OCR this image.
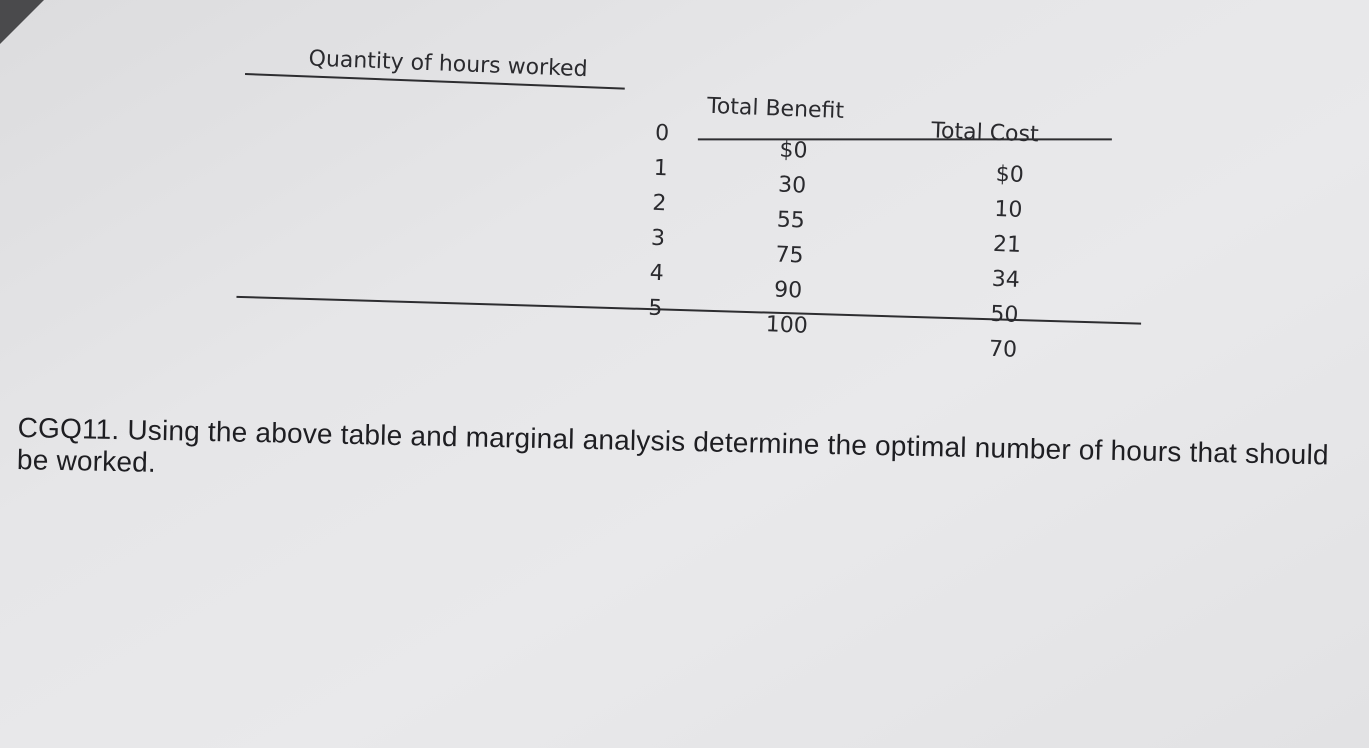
Quantity of hours worked
Total Benefit
Total Cost
0
1
2
3
4
5
$0
30
55
75
90
100
$0
10
21
34
50
70
CGQ11. Using the above table and marginal analysis determine the optimal number of hours that should be worked.
